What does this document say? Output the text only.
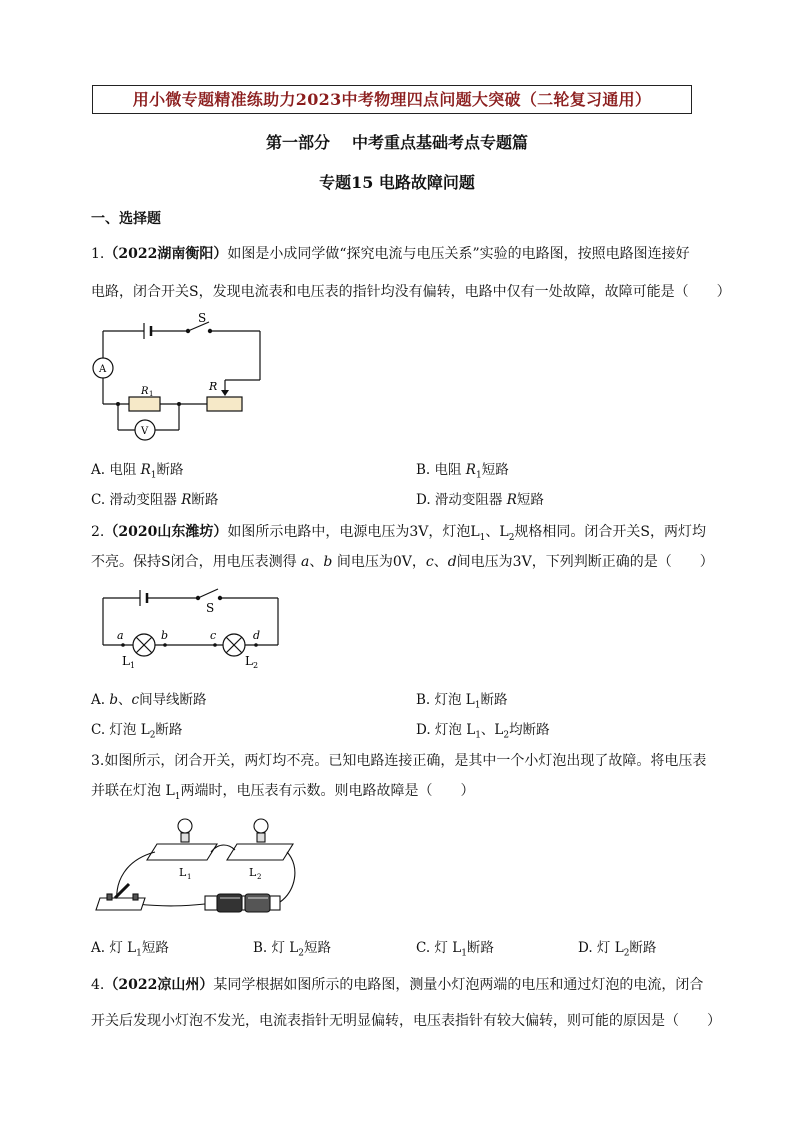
用小微专题精准练助力2023中考物理四点问题大突破（二轮复习通用）
第一部分 中考重点基础考点专题篇
专题15 电路故障问题
一、选择题
1.（2022湖南衡阳）如图是小成同学做“探究电流与电压关系”实验的电路图，按照电路图连接好
电路，闭合开关S，发现电流表和电压表的指针均没有偏转，电路中仅有一处故障，故障可能是（　　）
S
A
V
R 1
R
A. 电阻 $R_1$断路	B. 电阻 $R_1$短路
C. 滑动变阻器 R断路	D. 滑动变阻器 R短路
2.（2020山东潍坊）如图所示电路中，电源电压为3V，灯泡$L_1$、$L_2$规格相同。闭合开关S，两灯均
不亮。保持S闭合，用电压表测得 a、b 间电压为0V，c、d间电压为3V，下列判断正确的是（　　）
S
a	b	c	d
L 1	L 2
A. b、c间导线断路	B. 灯泡 $L_1$断路
C. 灯泡 $L_2$断路	D. 灯泡 $L_1$、$L_2$均断路
3.如图所示，闭合开关，两灯均不亮。已知电路连接正确，是其中一个小灯泡出现了故障。将电压表
并联在灯泡 $L_1$两端时，电压表有示数。则电路故障是（　　）
L 1	L 2
A. 灯 $L_1$短路	B. 灯 $L_2$短路	C. 灯 $L_1$断路	D. 灯 $L_2$断路
4.（2022凉山州）某同学根据如图所示的电路图，测量小灯泡两端的电压和通过灯泡的电流，闭合
开关后发现小灯泡不发光，电流表指针无明显偏转，电压表指针有较大偏转，则可能的原因是（　　）
